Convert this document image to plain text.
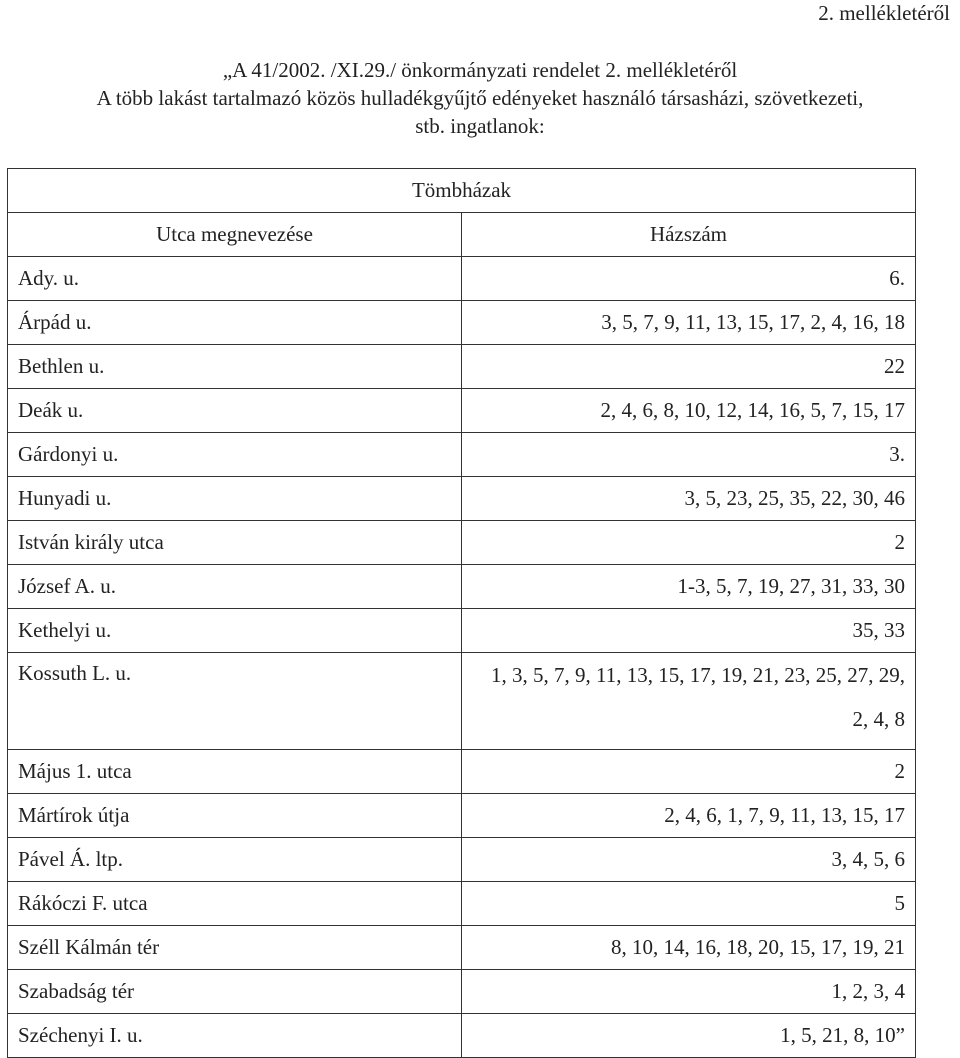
2. mellékletéről
„A 41/2002. /XI.29./ önkormányzati rendelet 2. mellékletéről
A több lakást tartalmazó közös hulladékgyűjtő edényeket használó társasházi, szövetkezeti,
stb. ingatlanok:
Tömbházak	
Utca megnevezése	Házszám
Ady. u.	6.
Árpád u.	3, 5, 7, 9, 11, 13, 15, 17, 2, 4, 16, 18
Bethlen u.	22
Deák u.	2, 4, 6, 8, 10, 12, 14, 16, 5, 7, 15, 17
Gárdonyi u.	3.
Hunyadi u.	3, 5, 23, 25, 35, 22, 30, 46
István király utca	2
József A. u.	1-3, 5, 7, 19, 27, 31, 33, 30
Kethelyi u.	35, 33
Kossuth L. u.	1, 3, 5, 7, 9, 11, 13, 15, 17, 19, 21, 23, 25, 27, 29, 2, 4, 8
Május 1. utca	2
Mártírok útja	2, 4, 6, 1, 7, 9, 11, 13, 15, 17
Pável Á. ltp.	3, 4, 5, 6
Rákóczi F. utca	5
Széll Kálmán tér	8, 10, 14, 16, 18, 20, 15, 17, 19, 21
Szabadság tér	1, 2, 3, 4
Széchenyi I. u.	1, 5, 21, 8, 10”
